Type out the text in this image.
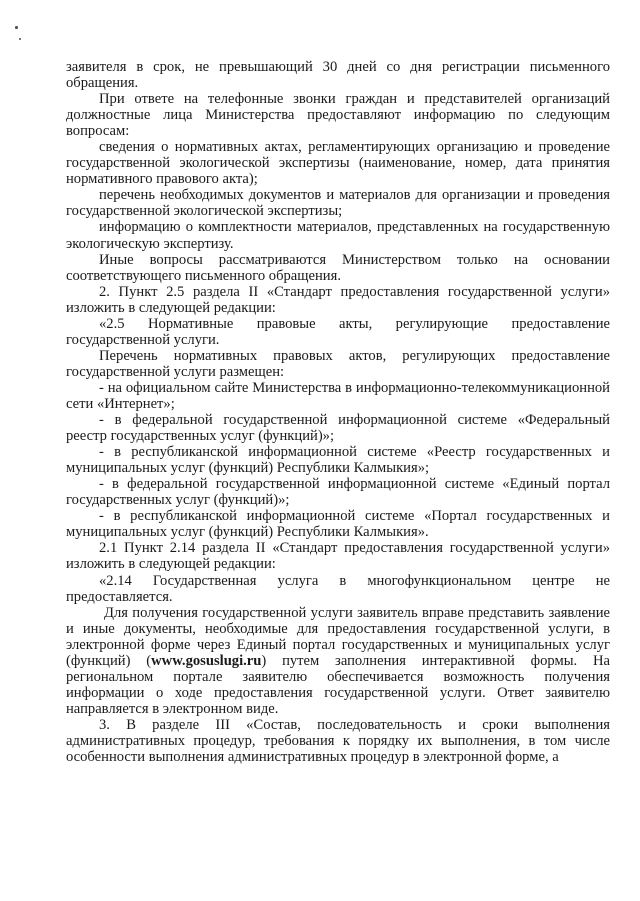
заявителя в срок, не превышающий 30 дней со дня регистрации письменного обращения.

При ответе на телефонные звонки граждан и представителей организаций должностные лица Министерства предоставляют информацию по следующим вопросам:

сведения о нормативных актах, регламентирующих организацию и проведение государственной экологической экспертизы (наименование, номер, дата принятия нормативного правового акта);

перечень необходимых документов и материалов для организации и проведения государственной экологической экспертизы;

информацию о комплектности материалов, представленных на государственную экологическую экспертизу.

Иные вопросы рассматриваются Министерством только на основании соответствующего письменного обращения.

2. Пункт 2.5 раздела II «Стандарт предоставления государственной услуги» изложить в следующей редакции:

«2.5 Нормативные правовые акты, регулирующие предоставление государственной услуги.

Перечень нормативных правовых актов, регулирующих предоставление государственной услуги размещен:

- на официальном сайте Министерства в информационно-телекоммуникационной сети «Интернет»;

- в федеральной государственной информационной системе «Федеральный реестр государственных услуг (функций)»;

- в республиканской информационной системе «Реестр государственных и муниципальных услуг (функций) Республики Калмыкия»;

- в федеральной государственной информационной системе «Единый портал государственных услуг (функций)»;

- в республиканской информационной системе «Портал государственных и муниципальных услуг (функций) Республики Калмыкия».

2.1 Пункт 2.14 раздела II «Стандарт предоставления государственной услуги» изложить в следующей редакции:

«2.14 Государственная услуга в многофункциональном центре не предоставляется.

Для получения государственной услуги заявитель вправе представить заявление и иные документы, необходимые для предоставления государственной услуги, в электронной форме через Единый портал государственных и муниципальных услуг (функций) (www.gosuslugi.ru) путем заполнения интерактивной формы. На региональном портале заявителю обеспечивается возможность получения информации о ходе предоставления государственной услуги. Ответ заявителю направляется в электронном виде.

3. В разделе III «Состав, последовательность и сроки выполнения административных процедур, требования к порядку их выполнения, в том числе особенности выполнения административных процедур в электронной форме, а
